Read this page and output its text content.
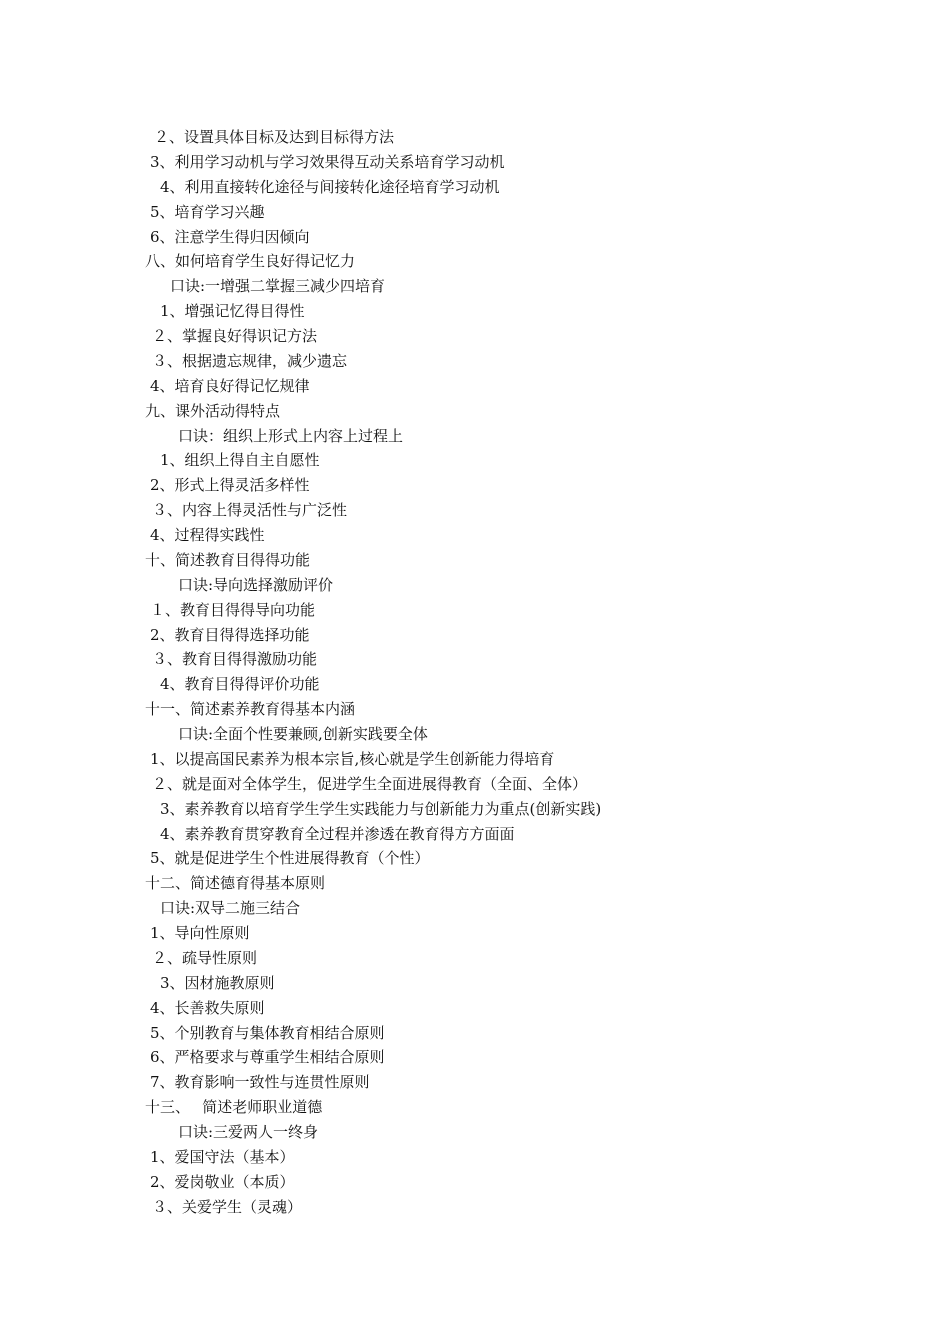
２、设置具体目标及达到目标得方法
3、利用学习动机与学习效果得互动关系培育学习动机
4、利用直接转化途径与间接转化途径培育学习动机
5、培育学习兴趣
6、注意学生得归因倾向
八、如何培育学生良好得记忆力
口诀:一增强二掌握三减少四培育
1、增强记忆得目得性
２、掌握良好得识记方法
３、根据遗忘规律，减少遗忘
4、培育良好得记忆规律
九、课外活动得特点
口诀：组织上形式上内容上过程上
1、组织上得自主自愿性
2、形式上得灵活多样性
３、内容上得灵活性与广泛性
4、过程得实践性
十、简述教育目得得功能
口诀:导向选择激励评价
１、教育目得得导向功能
2、教育目得得选择功能
３、教育目得得激励功能
4、教育目得得评价功能
十一、简述素养教育得基本内涵
口诀:全面个性要兼顾,创新实践要全体
1、以提高国民素养为根本宗旨,核心就是学生创新能力得培育
２、就是面对全体学生，促进学生全面进展得教育（全面、全体）
3、素养教育以培育学生学生实践能力与创新能力为重点(创新实践)
4、素养教育贯穿教育全过程并渗透在教育得方方面面
5、就是促进学生个性进展得教育（个性）
十二、简述德育得基本原则
口诀:双导二施三结合
1、导向性原则
２、疏导性原则
3、因材施教原则
4、长善救失原则
5、个别教育与集体教育相结合原则
6、严格要求与尊重学生相结合原则
7、教育影响一致性与连贯性原则
十三、　 简述老师职业道德
口诀:三爱两人一终身
1、爱国守法（基本）
2、爱岗敬业（本质）
３、关爱学生（灵魂）
